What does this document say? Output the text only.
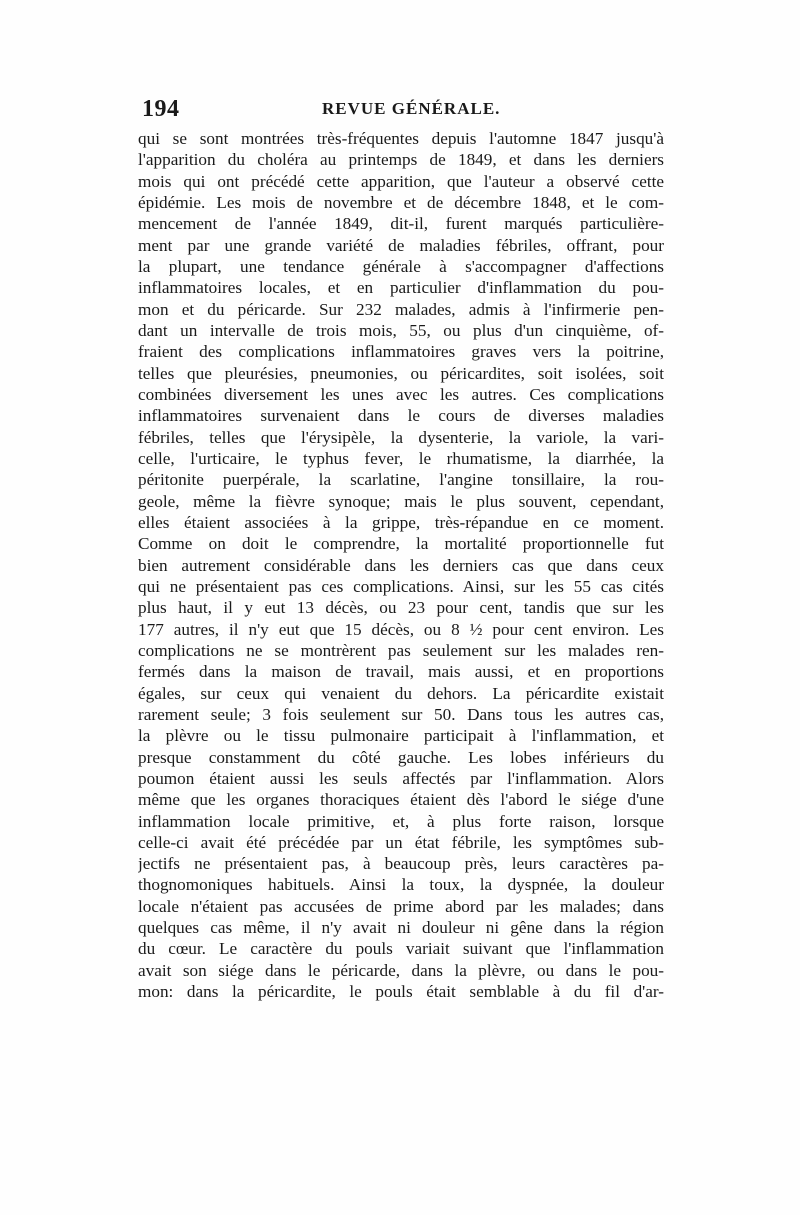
194	REVUE GÉNÉRALE.
qui se sont montrées très-fréquentes depuis l'automne 1847 jusqu'à
l'apparition du choléra au printemps de 1849, et dans les derniers
mois qui ont précédé cette apparition, que l'auteur a observé cette
épidémie. Les mois de novembre et de décembre 1848, et le com-
mencement de l'année 1849, dit-il, furent marqués particulière-
ment par une grande variété de maladies fébriles, offrant, pour
la plupart, une tendance générale à s'accompagner d'affections
inflammatoires locales, et en particulier d'inflammation du pou-
mon et du péricarde. Sur 232 malades, admis à l'infirmerie pen-
dant un intervalle de trois mois, 55, ou plus d'un cinquième, of-
fraient des complications inflammatoires graves vers la poitrine,
telles que pleurésies, pneumonies, ou péricardites, soit isolées, soit
combinées diversement les unes avec les autres. Ces complications
inflammatoires survenaient dans le cours de diverses maladies
fébriles, telles que l'érysipèle, la dysenterie, la variole, la vari-
celle, l'urticaire, le typhus fever, le rhumatisme, la diarrhée, la
péritonite puerpérale, la scarlatine, l'angine tonsillaire, la rou-
geole, même la fièvre synoque; mais le plus souvent, cependant,
elles étaient associées à la grippe, très-répandue en ce moment.
Comme on doit le comprendre, la mortalité proportionnelle fut
bien autrement considérable dans les derniers cas que dans ceux
qui ne présentaient pas ces complications. Ainsi, sur les 55 cas cités
plus haut, il y eut 13 décès, ou 23 pour cent, tandis que sur les
177 autres, il n'y eut que 15 décès, ou 8 ½ pour cent environ. Les
complications ne se montrèrent pas seulement sur les malades ren-
fermés dans la maison de travail, mais aussi, et en proportions
égales, sur ceux qui venaient du dehors. La péricardite existait
rarement seule; 3 fois seulement sur 50. Dans tous les autres cas,
la plèvre ou le tissu pulmonaire participait à l'inflammation, et
presque constamment du côté gauche. Les lobes inférieurs du
poumon étaient aussi les seuls affectés par l'inflammation. Alors
même que les organes thoraciques étaient dès l'abord le siége d'une
inflammation locale primitive, et, à plus forte raison, lorsque
celle-ci avait été précédée par un état fébrile, les symptômes sub-
jectifs ne présentaient pas, à beaucoup près, leurs caractères pa-
thognomoniques habituels. Ainsi la toux, la dyspnée, la douleur
locale n'étaient pas accusées de prime abord par les malades; dans
quelques cas même, il n'y avait ni douleur ni gêne dans la région
du cœur. Le caractère du pouls variait suivant que l'inflammation
avait son siége dans le péricarde, dans la plèvre, ou dans le pou-
mon: dans la péricardite, le pouls était semblable à du fil d'ar-
